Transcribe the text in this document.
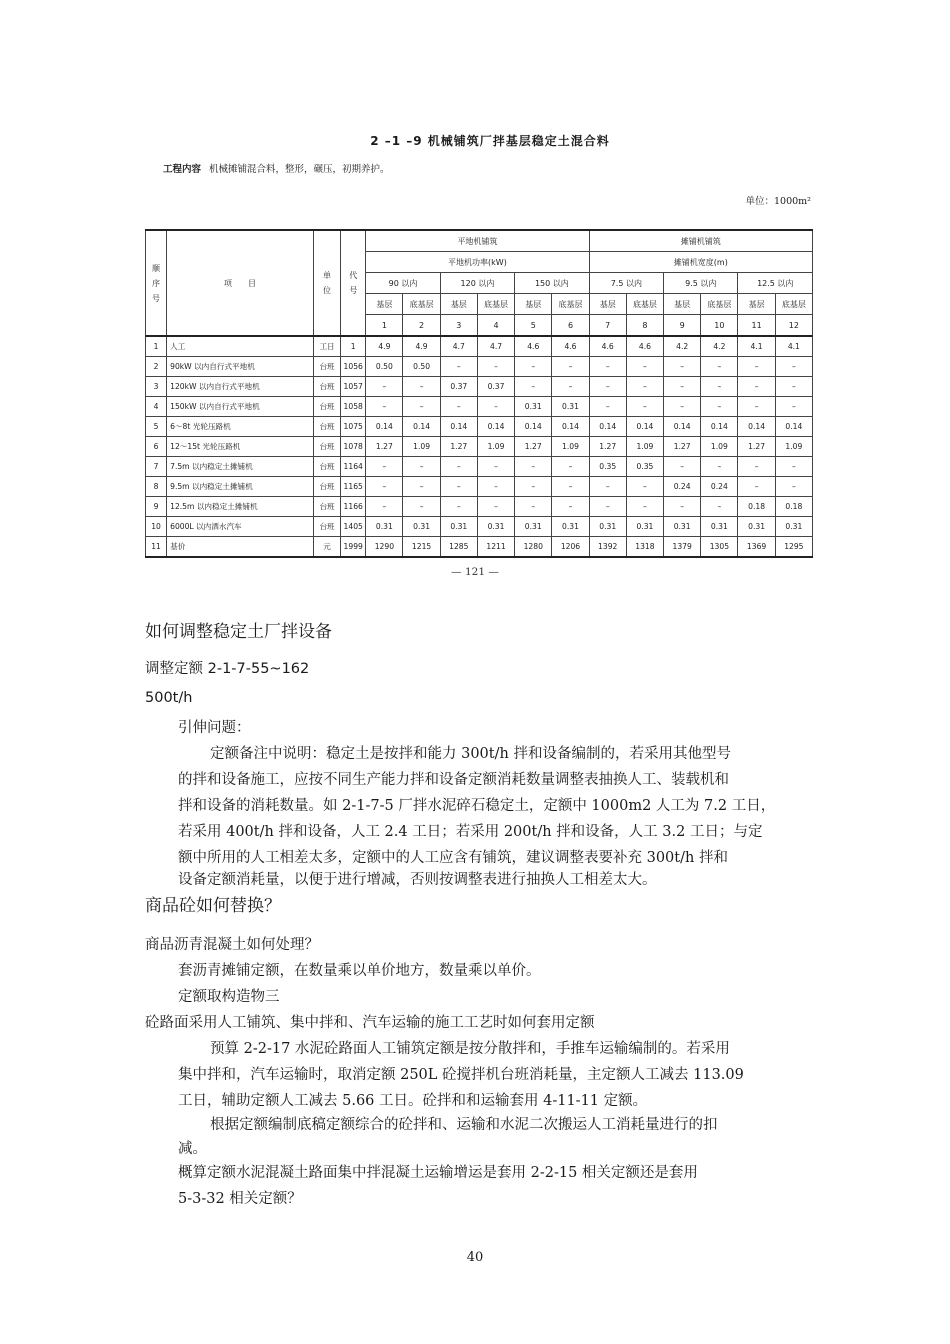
2 –1 –9 机械铺筑厂拌基层稳定土混合料
工程内容 机械摊铺混合料，整形，碾压，初期养护。
单位：1000m²
顺序号	项　　目	单位	代号	平地机铺筑						摊铺机铺筑					
				平地机功率(kW)						摊铺机宽度(m)					
				90 以内		120 以内		150 以内		7.5 以内		9.5 以内		12.5 以内	
				基层	底基层	基层	底基层	基层	底基层	基层	底基层	基层	底基层	基层	底基层
				1	2	3	4	5	6	7	8	9	10	11	12
1	人工	工日	1	4.9	4.9	4.7	4.7	4.6	4.6	4.6	4.6	4.2	4.2	4.1	4.1
2	90kW 以内自行式平地机	台班	1056	0.50	0.50	–	–	–	–	–	–	–	–	–	–
3	120kW 以内自行式平地机	台班	1057	–	–	0.37	0.37	–	–	–	–	–	–	–	–
4	150kW 以内自行式平地机	台班	1058	–	–	–	–	0.31	0.31	–	–	–	–	–	–
5	6～8t 光轮压路机	台班	1075	0.14	0.14	0.14	0.14	0.14	0.14	0.14	0.14	0.14	0.14	0.14	0.14
6	12～15t 光轮压路机	台班	1078	1.27	1.09	1.27	1.09	1.27	1.09	1.27	1.09	1.27	1.09	1.27	1.09
7	7.5m 以内稳定土摊铺机	台班	1164	–	–	–	–	–	–	0.35	0.35	–	–	–	–
8	9.5m 以内稳定土摊铺机	台班	1165	–	–	–	–	–	–	–	–	0.24	0.24	–	–
9	12.5m 以内稳定土摊铺机	台班	1166	–	–	–	–	–	–	–	–	–	–	0.18	0.18
10	6000L 以内洒水汽车	台班	1405	0.31	0.31	0.31	0.31	0.31	0.31	0.31	0.31	0.31	0.31	0.31	0.31
11	基价	元	1999	1290	1215	1285	1211	1280	1206	1392	1318	1379	1305	1369	1295
— 121 —
如何调整稳定土厂拌设备
调整定额 2-1-7-55~162
500t/h
引伸问题：
定额备注中说明：稳定土是按拌和能力 300t/h 拌和设备编制的，若采用其他型号
的拌和设备施工，应按不同生产能力拌和设备定额消耗数量调整表抽换人工、装载机和
拌和设备的消耗数量。如 2-1-7-5 厂拌水泥碎石稳定土，定额中 1000m2 人工为 7.2 工日，
若采用 400t/h 拌和设备，人工 2.4 工日；若采用 200t/h 拌和设备，人工 3.2 工日；与定
额中所用的人工相差太多，定额中的人工应含有铺筑，建议调整表要补充 300t/h 拌和
设备定额消耗量，以便于进行增减，否则按调整表进行抽换人工相差太大。
商品砼如何替换？
商品沥青混凝土如何处理？
套沥青摊铺定额，在数量乘以单价地方，数量乘以单价。
定额取构造物三
砼路面采用人工铺筑、集中拌和、汽车运输的施工工艺时如何套用定额
预算 2-2-17 水泥砼路面人工铺筑定额是按分散拌和，手推车运输编制的。若采用
集中拌和，汽车运输时，取消定额 250L 砼搅拌机台班消耗量，主定额人工减去 113.09
工日，辅助定额人工减去 5.66 工日。砼拌和和运输套用 4-11-11 定额。
根据定额编制底稿定额综合的砼拌和、运输和水泥二次搬运人工消耗量进行的扣
减。
概算定额水泥混凝土路面集中拌混凝土运输增运是套用 2-2-15 相关定额还是套用
5-3-32 相关定额？
40
